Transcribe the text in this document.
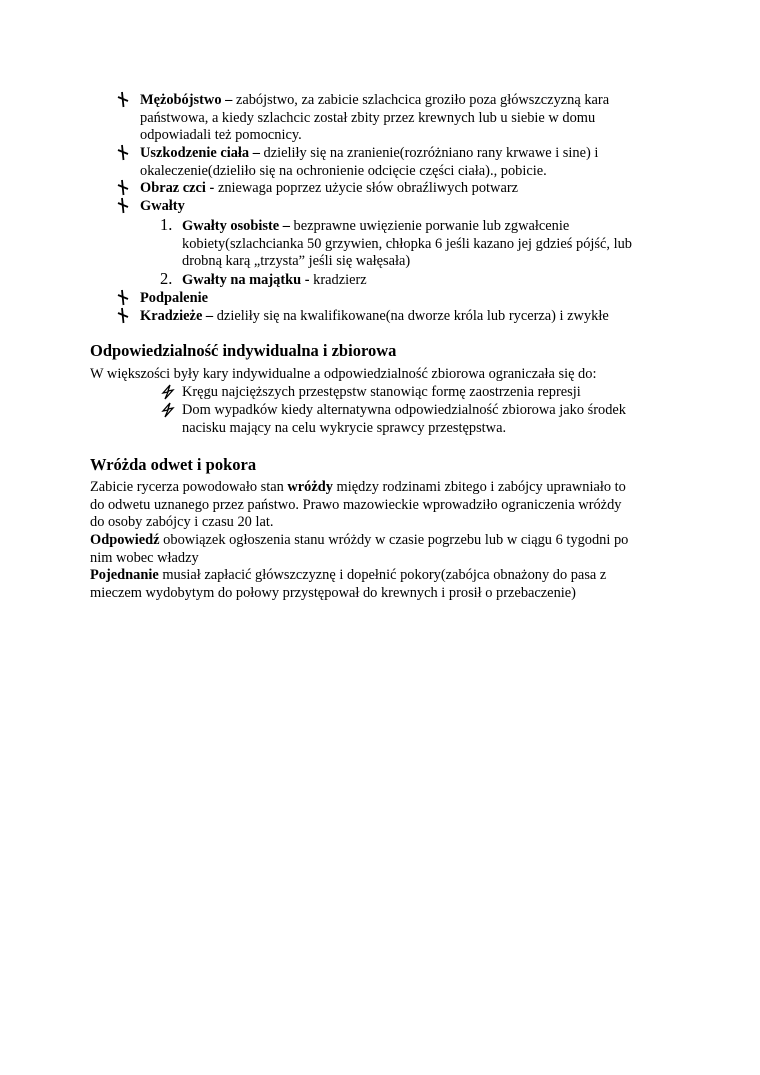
Mężobójstwo – zabójstwo, za zabicie szlachcica groziło poza główszczyzną kara
państwowa, a kiedy szlachcic został zbity przez krewnych lub u siebie w domu
odpowiadali też pomocnicy.
Uszkodzenie ciała – dzieliły się na zranienie(rozróżniano rany krwawe i sine) i
okaleczenie(dzieliło się na ochronienie odcięcie części ciała)., pobicie.
Obraz czci - zniewaga poprzez użycie słów obraźliwych potwarz
Gwałty
1. Gwałty osobiste – bezprawne uwięzienie porwanie lub zgwałcenie
kobiety(szlachcianka 50 grzywien, chłopka 6 jeśli kazano jej gdzieś pójść, lub
drobną karą „trzysta” jeśli się wałęsała)
2. Gwałty na majątku - kradzierz
Podpalenie
Kradzieże – dzieliły się na kwalifikowane(na dworze króla lub rycerza) i zwykłe
Odpowiedzialność indywidualna i zbiorowa
W większości były kary indywidualne a odpowiedzialność zbiorowa ograniczała się do:
Kręgu najcięższych przestępstw stanowiąc formę zaostrzenia represji
Dom wypadków kiedy alternatywna odpowiedzialność zbiorowa jako środek
nacisku mający na celu wykrycie sprawcy przestępstwa.
Wróżda odwet i pokora
Zabicie rycerza powodowało stan wróżdy między rodzinami zbitego i zabójcy uprawniało to
do odwetu uznanego przez państwo. Prawo mazowieckie wprowadziło ograniczenia wróżdy
do osoby zabójcy i czasu 20 lat.
Odpowiedź obowiązek ogłoszenia stanu wróżdy w czasie pogrzebu lub w ciągu 6 tygodni po
nim wobec władzy
Pojednanie musiał zapłacić główszczyznę i dopełnić pokory(zabójca obnażony do pasa z
mieczem wydobytym do połowy przystępował do krewnych i prosił o przebaczenie)
